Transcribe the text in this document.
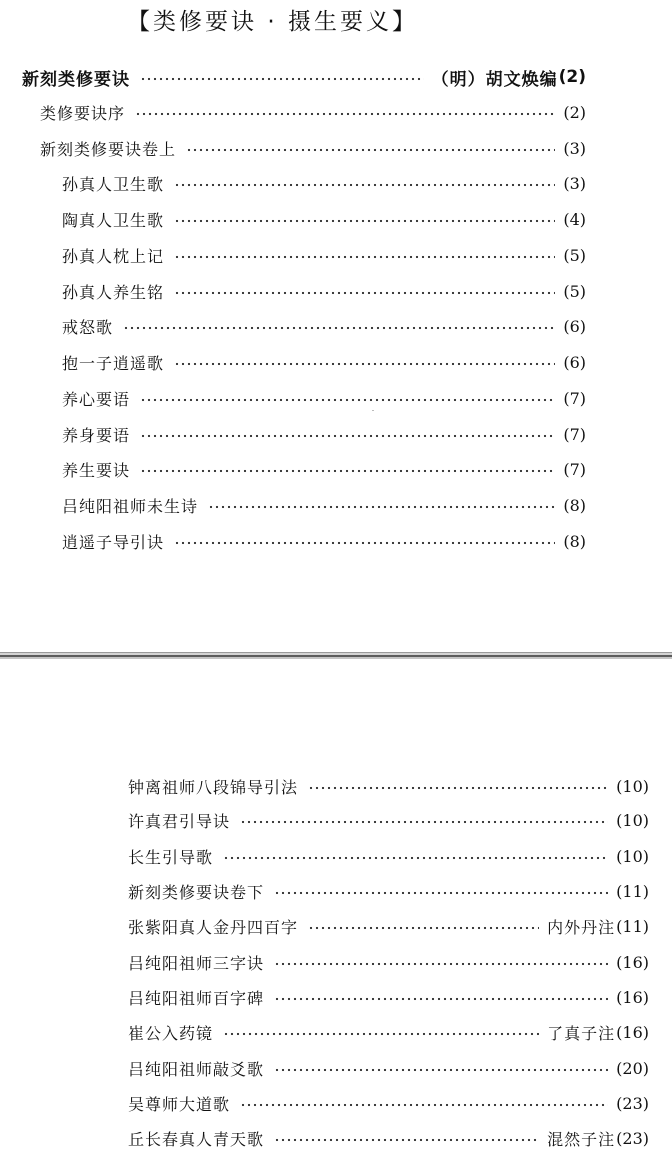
【类修要诀 · 摄生要义】
新刻类修要诀	（明）胡文焕编 (2)
类修要诀序	(2)
新刻类修要诀卷上	(3)
孙真人卫生歌	(3)
陶真人卫生歌	(4)
孙真人枕上记	(5)
孙真人养生铭	(5)
戒怒歌	(6)
抱一子逍遥歌	(6)
养心要语	(7)
养身要语	(7)
养生要诀	(7)
吕纯阳祖师未生诗	(8)
逍遥子导引诀	(8)
钟离祖师八段锦导引法	(10)
许真君引导诀	(10)
长生引导歌	(10)
新刻类修要诀卷下	(11)
张紫阳真人金丹四百字	内外丹注 (11)
吕纯阳祖师三字诀	(16)
吕纯阳祖师百字碑	(16)
崔公入药镜	了真子注 (16)
吕纯阳祖师敲爻歌	(20)
吴尊师大道歌	(23)
丘长春真人青天歌	混然子注 (23)
